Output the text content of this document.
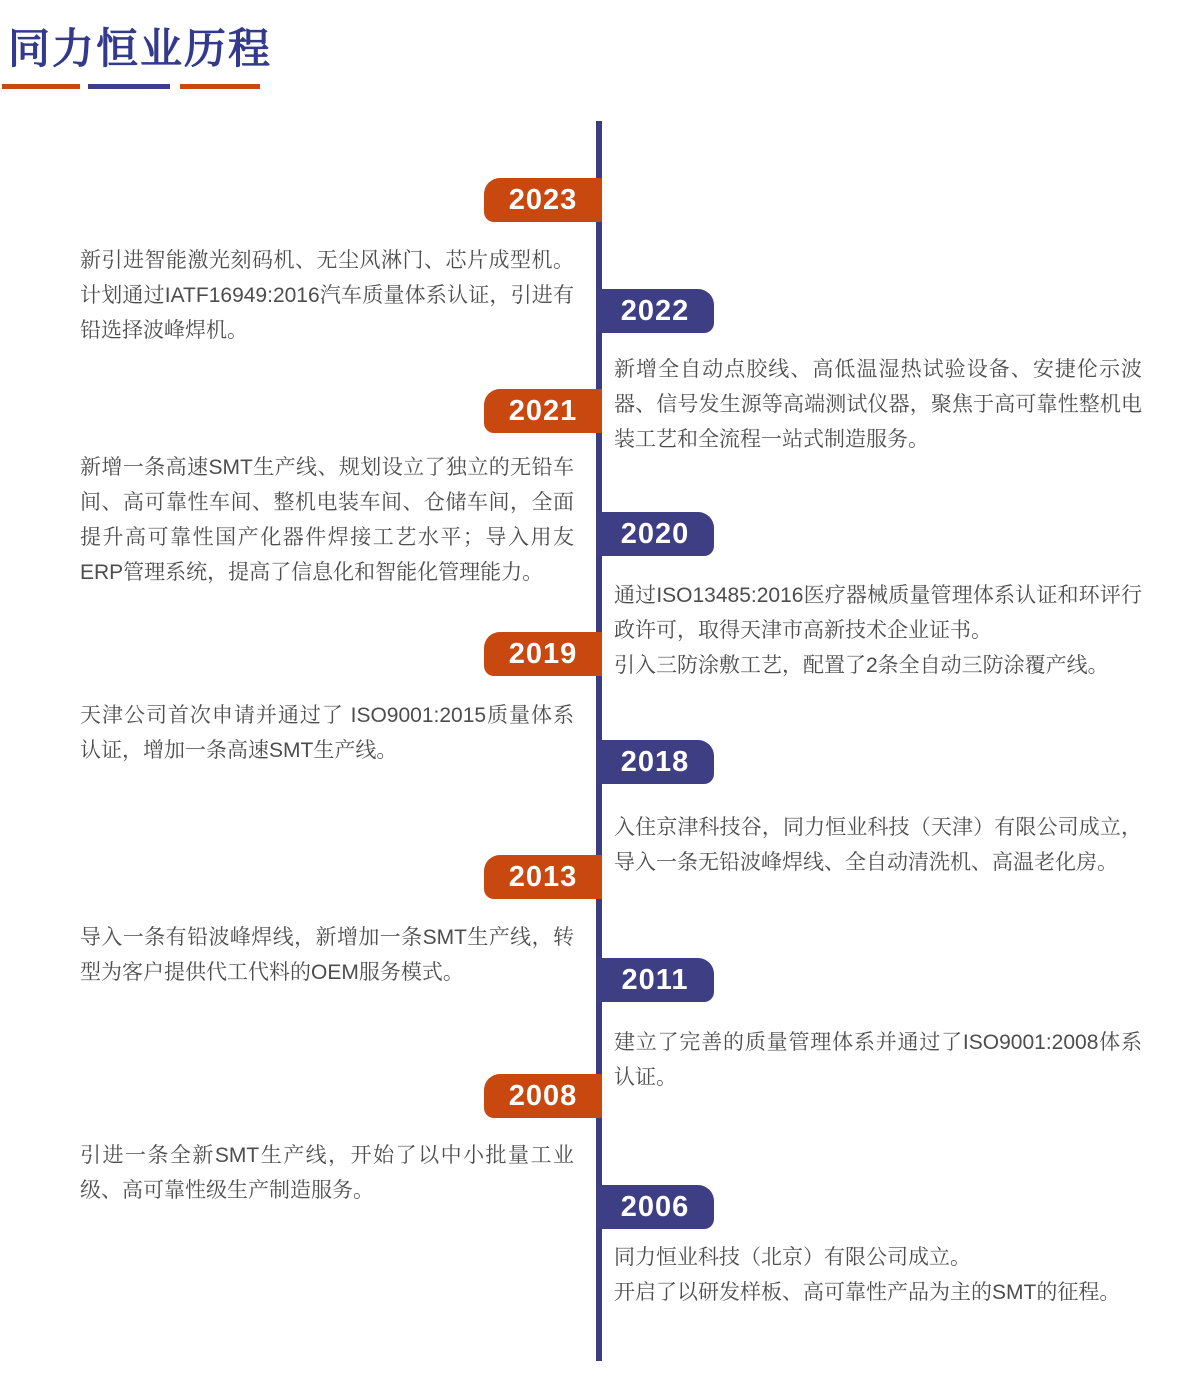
同力恒业历程
2023
新引进智能激光刻码机、无尘风淋门、芯片成型机。计划通过IATF16949:2016汽车质量体系认证，引进有铅选择波峰焊机。
2022
新增全自动点胶线、高低温湿热试验设备、安捷伦示波器、信号发生源等高端测试仪器，聚焦于高可靠性整机电装工艺和全流程一站式制造服务。
2021
新增一条高速SMT生产线、规划设立了独立的无铅车间、高可靠性车间、整机电装车间、仓储车间，全面提升高可靠性国产化器件焊接工艺水平；导入用友ERP管理系统，提高了信息化和智能化管理能力。
2020
通过ISO13485:2016医疗器械质量管理体系认证和环评行政许可，取得天津市高新技术企业证书。
引入三防涂敷工艺，配置了2条全自动三防涂覆产线。
2019
天津公司首次申请并通过了 ISO9001:2015质量体系认证，增加一条高速SMT生产线。	2018
入住京津科技谷，同力恒业科技（天津）有限公司成立，导入一条无铅波峰焊线、全自动清洗机、高温老化房。
2013
导入一条有铅波峰焊线，新增加一条SMT生产线，转型为客户提供代工代料的OEM服务模式。	2011
建立了完善的质量管理体系并通过了ISO9001:2008体系认证。
2008
引进一条全新SMT生产线，开始了以中小批量工业级、高可靠性级生产制造服务。
2006
同力恒业科技（北京）有限公司成立。
开启了以研发样板、高可靠性产品为主的SMT的征程。
